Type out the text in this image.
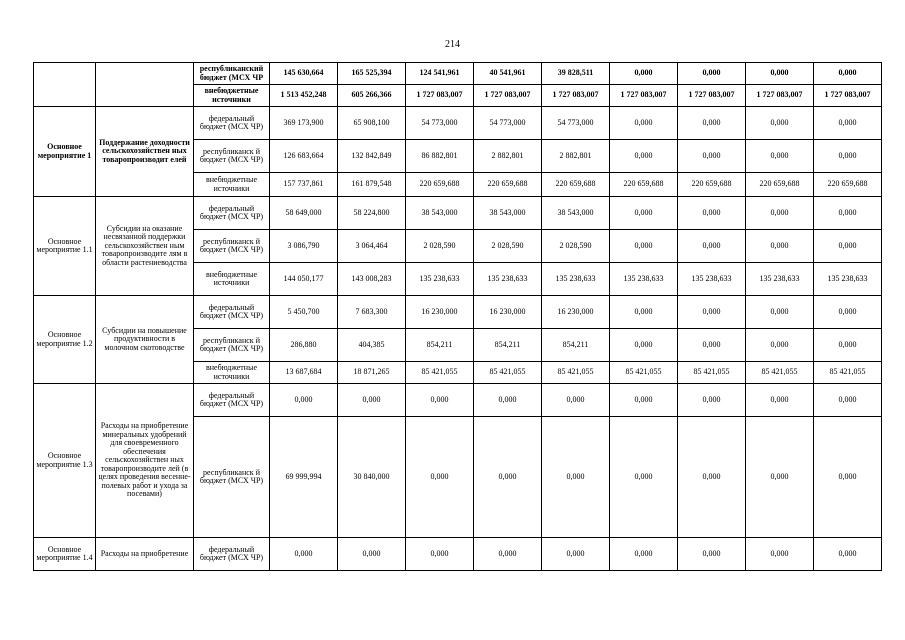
214
		республиканский бюджет (МСХ ЧР	145 630,664	165 525,394	124 541,961	40 541,961	39 828,511	0,000	0,000	0,000	0,000
		внебюджетные источники	1 513 452,248	605 266,366	1 727 083,007	1 727 083,007	1 727 083,007	1 727 083,007	1 727 083,007	1 727 083,007	1 727 083,007
Основное мероприятие 1	Поддержание доходности сельскохозяйствен ных товаропроизводит елей	федеральный бюджет (МСХ ЧР)	369 173,900	65 908,100	54 773,000	54 773,000	54 773,000	0,000	0,000	0,000	0,000
		республиканск й бюджет (МСХ ЧР)	126 683,664	132 842,849	86 882,801	2 882,801	2 882,801	0,000	0,000	0,000	0,000
		внебюджетные источники	157 737,861	161 879,548	220 659,688	220 659,688	220 659,688	220 659,688	220 659,688	220 659,688	220 659,688
Основное мероприятие 1.1	Субсидии на оказание несвязанной поддержки сельскохозяйствен ным товаропроизводите лям в области растениеводства	федеральный бюджет (МСХ ЧР)	58 649,000	58 224,800	38 543,000	38 543,000	38 543,000	0,000	0,000	0,000	0,000
		республиканск й бюджет (МСХ ЧР)	3 086,790	3 064,464	2 028,590	2 028,590	2 028,590	0,000	0,000	0,000	0,000
		внебюджетные источники	144 050,177	143 008,283	135 238,633	135 238,633	135 238,633	135 238,633	135 238,633	135 238,633	135 238,633
Основное мероприятие 1.2	Субсидии на повышение продуктивности в молочном скотоводстве	федеральный бюджет (МСХ ЧР)	5 450,700	7 683,300	16 230,000	16 230,000	16 230,000	0,000	0,000	0,000	0,000
		республиканск й бюджет (МСХ ЧР)	286,880	404,385	854,211	854,211	854,211	0,000	0,000	0,000	0,000
		внебюджетные источники	13 687,684	18 871,265	85 421,055	85 421,055	85 421,055	85 421,055	85 421,055	85 421,055	85 421,055
Основное мероприятие 1.3	Расходы на приобретение минеральных удобрений для своевременного обеспечения сельскохозяйствен ных товаропроизводите лей (в целях проведения весенне-полевых работ и ухода за посевами)	федеральный бюджет (МСХ ЧР)	0,000	0,000	0,000	0,000	0,000	0,000	0,000	0,000	0,000
		республиканск й бюджет (МСХ ЧР)	69 999,994	30 840,000	0,000	0,000	0,000	0,000	0,000	0,000	0,000
Основное мероприятие 1.4	Расходы на приобретение	федеральный бюджет (МСХ ЧР)	0,000	0,000	0,000	0,000	0,000	0,000	0,000	0,000	0,000
